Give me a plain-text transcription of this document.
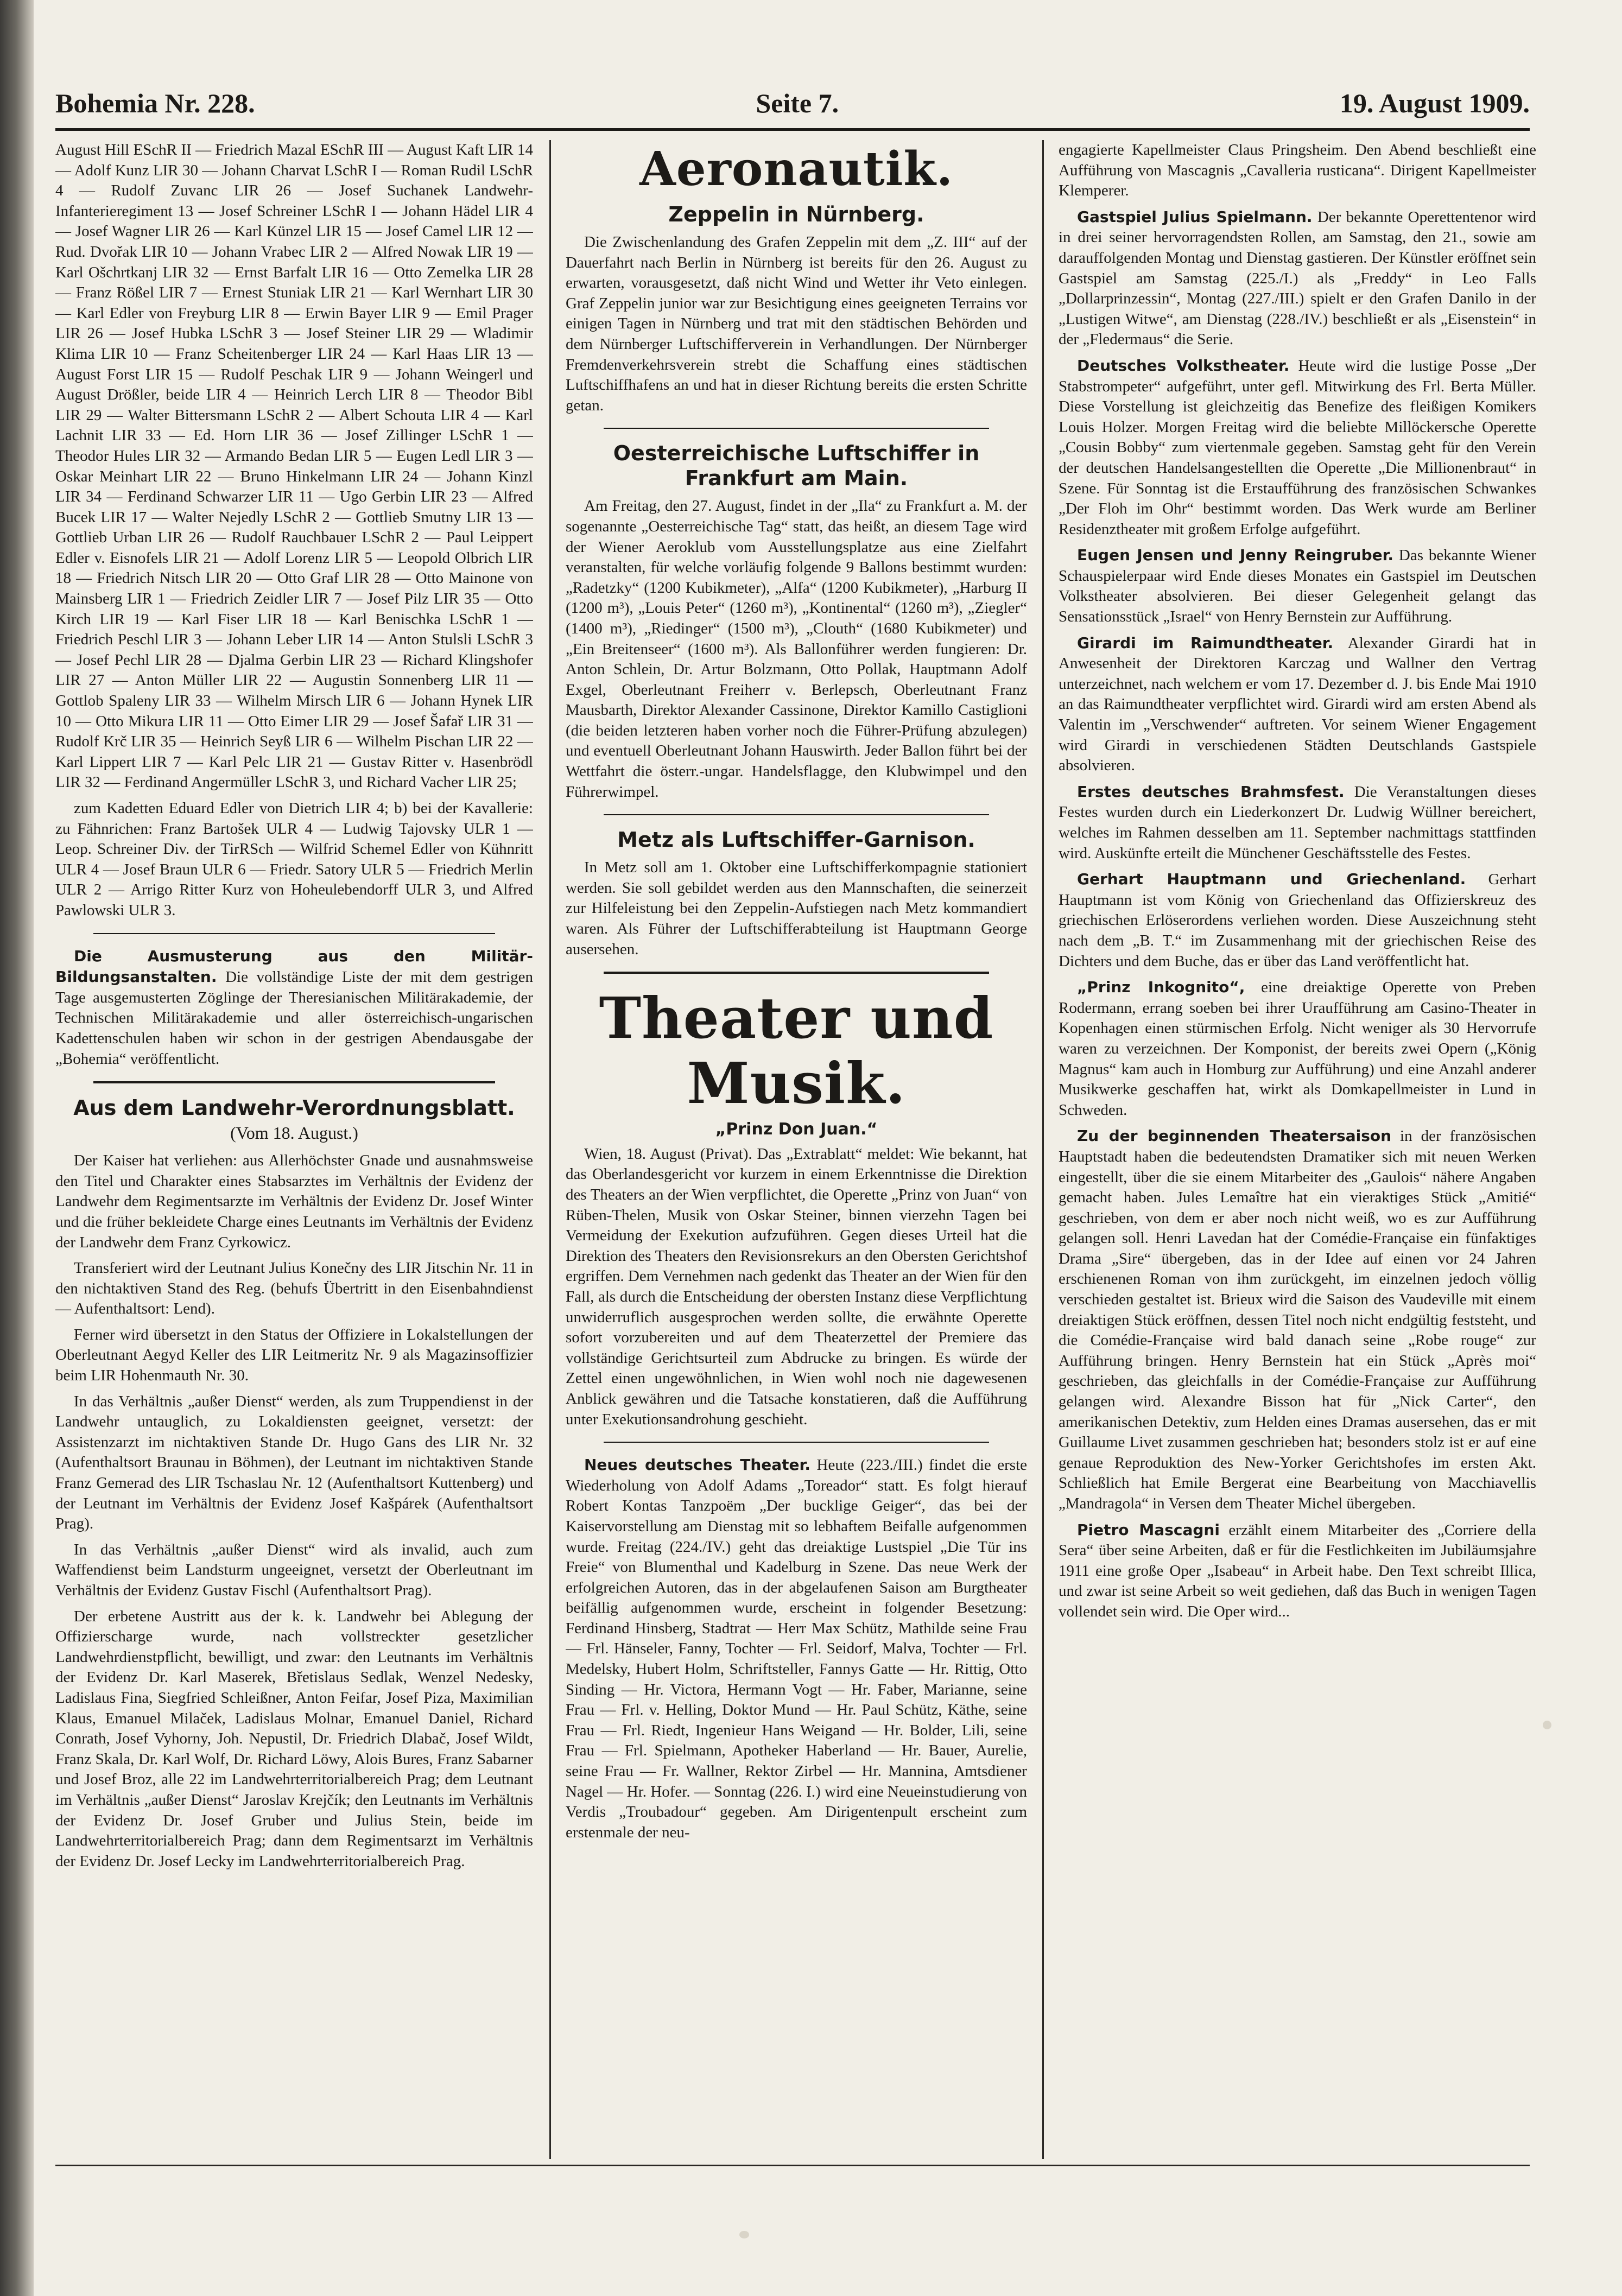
Bohemia Nr. 228.	Seite 7.	19. August 1909.

August Hill ESchR II — Friedrich Mazal ESchR III — August Kaft LIR 14 — Adolf Kunz LIR 30 — Johann Charvat LSchR I — Roman Rudil LSchR 4 — Rudolf Zuvanc LIR 26 — Josef Suchanek Landwehr-Infanterieregiment 13 — Josef Schreiner LSchR I — Johann Hädel LIR 4 — Josef Wagner LIR 26 — Karl Künzel LIR 15 — Josef Camel LIR 12 — Rud. Dvořak LIR 10 — Johann Vrabec LIR 2 — Alfred Nowak LIR 19 — Karl Ošchrtkanj LIR 32 — Ernst Barfalt LIR 16 — Otto Zemelka LIR 28 — Franz Rößel LIR 7 — Ernest Stuniak LIR 21 — Karl Wernhart LIR 30 — Karl Edler von Freyburg LIR 8 — Erwin Bayer LIR 9 — Emil Prager LIR 26 — Josef Hubka LSchR 3 — Josef Steiner LIR 29 — Wladimir Klima LIR 10 — Franz Scheitenberger LIR 24 — Karl Haas LIR 13 — August Forst LIR 15 — Rudolf Peschak LIR 9 — Johann Weingerl und August Drößler, beide LIR 4 — Heinrich Lerch LIR 8 — Theodor Bibl LIR 29 — Walter Bittersmann LSchR 2 — Albert Schouta LIR 4 — Karl Lachnit LIR 33 — Ed. Horn LIR 36 — Josef Zillinger LSchR 1 — Theodor Hules LIR 32 — Armando Bedan LIR 5 — Eugen Ledl LIR 3 — Oskar Meinhart LIR 22 — Bruno Hinkelmann LIR 24 — Johann Kinzl LIR 34 — Ferdinand Schwarzer LIR 11 — Ugo Gerbin LIR 23 — Alfred Bucek LIR 17 — Walter Nejedly LSchR 2 — Gottlieb Smutny LIR 13 — Gottlieb Urban LIR 26 — Rudolf Rauchbauer LSchR 2 — Paul Leippert Edler v. Eisnofels LIR 21 — Adolf Lorenz LIR 5 — Leopold Olbrich LIR 18 — Friedrich Nitsch LIR 20 — Otto Graf LIR 28 — Otto Mainone von Mainsberg LIR 1 — Friedrich Zeidler LIR 7 — Josef Pilz LIR 35 — Otto Kirch LIR 19 — Karl Fiser LIR 18 — Karl Benischka LSchR 1 — Friedrich Peschl LIR 3 — Johann Leber LIR 14 — Anton Stulsli LSchR 3 — Josef Pechl LIR 28 — Djalma Gerbin LIR 23 — Richard Klingshofer LIR 27 — Anton Müller LIR 22 — Augustin Sonnenberg LIR 11 — Gottlob Spaleny LIR 33 — Wilhelm Mirsch LIR 6 — Johann Hynek LIR 10 — Otto Mikura LIR 11 — Otto Eimer LIR 29 — Josef Šafař LIR 31 — Rudolf Krč LIR 35 — Heinrich Seyß LIR 6 — Wilhelm Pischan LIR 22 — Karl Lippert LIR 7 — Karl Pelc LIR 21 — Gustav Ritter v. Hasenbrödl LIR 32 — Ferdinand Angermüller LSchR 3, und Richard Vacher LIR 25;

zum Kadetten Eduard Edler von Dietrich LIR 4; b) bei der Kavallerie: zu Fähnrichen: Franz Bartošek ULR 4 — Ludwig Tajovsky ULR 1 — Leop. Schreiner Div. der TirRSch — Wilfrid Schemel Edler von Kühnritt ULR 4 — Josef Braun ULR 6 — Friedr. Satory ULR 5 — Friedrich Merlin ULR 2 — Arrigo Ritter Kurz von Hoheulebendorff ULR 3, und Alfred Pawlowski ULR 3.

Die Ausmusterung aus den Militär-Bildungsanstalten. Die vollständige Liste der mit dem gestrigen Tage ausgemusterten Zöglinge der Theresianischen Militärakademie, der Technischen Militärakademie und aller österreichisch-ungarischen Kadettenschulen haben wir schon in der gestrigen Abendausgabe der „Bohemia“ veröffentlicht.

Aus dem Landwehr-Verordnungsblatt.
(Vom 18. August.)

Der Kaiser hat verliehen: aus Allerhöchster Gnade und ausnahmsweise den Titel und Charakter eines Stabsarztes im Verhältnis der Evidenz der Landwehr dem Regimentsarzte im Verhältnis der Evidenz Dr. Josef Winter und die früher bekleidete Charge eines Leutnants im Verhältnis der Evidenz der Landwehr dem Franz Cyrkowicz.

Transferiert wird der Leutnant Julius Konečny des LIR Jitschin Nr. 11 in den nichtaktiven Stand des Reg. (behufs Übertritt in den Eisenbahndienst — Aufenthaltsort: Lend).

Ferner wird übersetzt in den Status der Offiziere in Lokalstellungen der Oberleutnant Aegyd Keller des LIR Leitmeritz Nr. 9 als Magazinsoffizier beim LIR Hohenmauth Nr. 30.

In das Verhältnis „außer Dienst“ werden, als zum Truppendienst in der Landwehr untauglich, zu Lokaldiensten geeignet, versetzt: der Assistenzarzt im nichtaktiven Stande Dr. Hugo Gans des LIR Nr. 32 (Aufenthaltsort Braunau in Böhmen), der Leutnant im nichtaktiven Stande Franz Gemerad des LIR Tschaslau Nr. 12 (Aufenthaltsort Kuttenberg) und der Leutnant im Verhältnis der Evidenz Josef Kašpárek (Aufenthaltsort Prag).

In das Verhältnis „außer Dienst“ wird als invalid, auch zum Waffendienst beim Landsturm ungeeignet, versetzt der Oberleutnant im Verhältnis der Evidenz Gustav Fischl (Aufenthaltsort Prag).

Der erbetene Austritt aus der k. k. Landwehr bei Ablegung der Offizierscharge wurde, nach vollstreckter gesetzlicher Landwehrdienstpflicht, bewilligt, und zwar: den Leutnants im Verhältnis der Evidenz Dr. Karl Maserek, Břetislaus Sedlak, Wenzel Nedesky, Ladislaus Fina, Siegfried Schleißner, Anton Feifar, Josef Piza, Maximilian Klaus, Emanuel Milaček, Ladislaus Molnar, Emanuel Daniel, Richard Conrath, Josef Vyhorny, Joh. Nepustil, Dr. Friedrich Dlabač, Josef Wildt, Franz Skala, Dr. Karl Wolf, Dr. Richard Löwy, Alois Bures, Franz Sabarner und Josef Broz, alle 22 im Landwehrterritorialbereich Prag; dem Leutnant im Verhältnis „außer Dienst“ Jaroslav Krejčík; den Leutnants im Verhältnis der Evidenz Dr. Josef Gruber und Julius Stein, beide im Landwehrterritorialbereich Prag; dann dem Regimentsarzt im Verhältnis der Evidenz Dr. Josef Lecky im Landwehrterritorialbereich Prag.

Aeronautik.
Zeppelin in Nürnberg.

Die Zwischenlandung des Grafen Zeppelin mit dem „Z. III“ auf der Dauerfahrt nach Berlin in Nürnberg ist bereits für den 26. August zu erwarten, vorausgesetzt, daß nicht Wind und Wetter ihr Veto einlegen. Graf Zeppelin junior war zur Besichtigung eines geeigneten Terrains vor einigen Tagen in Nürnberg und trat mit den städtischen Behörden und dem Nürnberger Luftschifferverein in Verhandlungen. Der Nürnberger Fremdenverkehrsverein strebt die Schaffung eines städtischen Luftschiffhafens an und hat in dieser Richtung bereits die ersten Schritte getan.

Oesterreichische Luftschiffer in Frankfurt am Main.

Am Freitag, den 27. August, findet in der „Ila“ zu Frankfurt a. M. der sogenannte „Oesterreichische Tag“ statt, das heißt, an diesem Tage wird der Wiener Aeroklub vom Ausstellungsplatze aus eine Zielfahrt veranstalten, für welche vorläufig folgende 9 Ballons bestimmt wurden: „Radetzky“ (1200 Kubikmeter), „Alfa“ (1200 Kubikmeter), „Harburg II (1200 m³), „Louis Peter“ (1260 m³), „Kontinental“ (1260 m³), „Ziegler“ (1400 m³), „Riedinger“ (1500 m³), „Clouth“ (1680 Kubikmeter) und „Ein Breitenseer“ (1600 m³). Als Ballonführer werden fungieren: Dr. Anton Schlein, Dr. Artur Bolzmann, Otto Pollak, Hauptmann Adolf Exgel, Oberleutnant Freiherr v. Berlepsch, Oberleutnant Franz Mausbarth, Direktor Alexander Cassinone, Direktor Kamillo Castiglioni (die beiden letzteren haben vorher noch die Führer-Prüfung abzulegen) und eventuell Oberleutnant Johann Hauswirth. Jeder Ballon führt bei der Wettfahrt die österr.-ungar. Handelsflagge, den Klubwimpel und den Führerwimpel.

Metz als Luftschiffer-Garnison.

In Metz soll am 1. Oktober eine Luftschifferkompagnie stationiert werden. Sie soll gebildet werden aus den Mannschaften, die seinerzeit zur Hilfeleistung bei den Zeppelin-Aufstiegen nach Metz kommandiert waren. Als Führer der Luftschifferabteilung ist Hauptmann George ausersehen.

Theater und Musik.
„Prinz Don Juan.“

Wien, 18. August (Privat). Das „Extrablatt“ meldet: Wie bekannt, hat das Oberlandesgericht vor kurzem in einem Erkenntnisse die Direktion des Theaters an der Wien verpflichtet, die Operette „Prinz von Juan“ von Rüben-Thelen, Musik von Oskar Steiner, binnen vierzehn Tagen bei Vermeidung der Exekution aufzuführen. Gegen dieses Urteil hat die Direktion des Theaters den Revisionsrekurs an den Obersten Gerichtshof ergriffen. Dem Vernehmen nach gedenkt das Theater an der Wien für den Fall, als durch die Entscheidung der obersten Instanz diese Verpflichtung unwiderruflich ausgesprochen werden sollte, die erwähnte Operette sofort vorzubereiten und auf dem Theaterzettel der Premiere das vollständige Gerichtsurteil zum Abdrucke zu bringen. Es würde der Zettel einen ungewöhnlichen, in Wien wohl noch nie dagewesenen Anblick gewähren und die Tatsache konstatieren, daß die Aufführung unter Exekutionsandrohung geschieht.

Neues deutsches Theater. Heute (223./III.) findet die erste Wiederholung von Adolf Adams „Toreador“ statt. Es folgt hierauf Robert Kontas Tanzpoëm „Der bucklige Geiger“, das bei der Kaiservorstellung am Dienstag mit so lebhaftem Beifalle aufgenommen wurde. Freitag (224./IV.) geht das dreiaktige Lustspiel „Die Tür ins Freie“ von Blumenthal und Kadelburg in Szene. Das neue Werk der erfolgreichen Autoren, das in der abgelaufenen Saison am Burgtheater beifällig aufgenommen wurde, erscheint in folgender Besetzung: Ferdinand Hinsberg, Stadtrat — Herr Max Schütz, Mathilde seine Frau — Frl. Hänseler, Fanny, Tochter — Frl. Seidorf, Malva, Tochter — Frl. Medelsky, Hubert Holm, Schriftsteller, Fannys Gatte — Hr. Rittig, Otto Sinding — Hr. Victora, Hermann Vogt — Hr. Faber, Marianne, seine Frau — Frl. v. Helling, Doktor Mund — Hr. Paul Schütz, Käthe, seine Frau — Frl. Riedt, Ingenieur Hans Weigand — Hr. Bolder, Lili, seine Frau — Frl. Spielmann, Apotheker Haberland — Hr. Bauer, Aurelie, seine Frau — Fr. Wallner, Rektor Zirbel — Hr. Mannina, Amtsdiener Nagel — Hr. Hofer. — Sonntag (226. I.) wird eine Neueinstudierung von Verdis „Troubadour“ gegeben. Am Dirigentenpult erscheint zum erstenmale der neu-

engagierte Kapellmeister Claus Pringsheim. Den Abend beschließt eine Aufführung von Mascagnis „Cavalleria rusticana“. Dirigent Kapellmeister Klemperer.

Gastspiel Julius Spielmann. Der bekannte Operettentenor wird in drei seiner hervorragendsten Rollen, am Samstag, den 21., sowie am darauffolgenden Montag und Dienstag gastieren. Der Künstler eröffnet sein Gastspiel am Samstag (225./I.) als „Freddy“ in Leo Falls „Dollarprinzessin“, Montag (227./III.) spielt er den Grafen Danilo in der „Lustigen Witwe“, am Dienstag (228./IV.) beschließt er als „Eisenstein“ in der „Fledermaus“ die Serie.

Deutsches Volkstheater. Heute wird die lustige Posse „Der Stabstrompeter“ aufgeführt, unter gefl. Mitwirkung des Frl. Berta Müller. Diese Vorstellung ist gleichzeitig das Benefize des fleißigen Komikers Louis Holzer. Morgen Freitag wird die beliebte Millöckersche Operette „Cousin Bobby“ zum viertenmale gegeben. Samstag geht für den Verein der deutschen Handelsangestellten die Operette „Die Millionenbraut“ in Szene. Für Sonntag ist die Erstaufführung des französischen Schwankes „Der Floh im Ohr“ bestimmt worden. Das Werk wurde am Berliner Residenztheater mit großem Erfolge aufgeführt.

Eugen Jensen und Jenny Reingruber. Das bekannte Wiener Schauspielerpaar wird Ende dieses Monates ein Gastspiel im Deutschen Volkstheater absolvieren. Bei dieser Gelegenheit gelangt das Sensationsstück „Israel“ von Henry Bernstein zur Aufführung.

Girardi im Raimundtheater. Alexander Girardi hat in Anwesenheit der Direktoren Karczag und Wallner den Vertrag unterzeichnet, nach welchem er vom 17. Dezember d. J. bis Ende Mai 1910 an das Raimundtheater verpflichtet wird. Girardi wird am ersten Abend als Valentin im „Verschwender“ auftreten. Vor seinem Wiener Engagement wird Girardi in verschiedenen Städten Deutschlands Gastspiele absolvieren.

Erstes deutsches Brahmsfest. Die Veranstaltungen dieses Festes wurden durch ein Liederkonzert Dr. Ludwig Wüllner bereichert, welches im Rahmen desselben am 11. September nachmittags stattfinden wird. Auskünfte erteilt die Münchener Geschäftsstelle des Festes.

Gerhart Hauptmann und Griechenland. Gerhart Hauptmann ist vom König von Griechenland das Offizierskreuz des griechischen Erlöserordens verliehen worden. Diese Auszeichnung steht nach dem „B. T.“ im Zusammenhang mit der griechischen Reise des Dichters und dem Buche, das er über das Land veröffentlicht hat.

„Prinz Inkognito“, eine dreiaktige Operette von Preben Rodermann, errang soeben bei ihrer Uraufführung am Casino-Theater in Kopenhagen einen stürmischen Erfolg. Nicht weniger als 30 Hervorrufe waren zu verzeichnen. Der Komponist, der bereits zwei Opern („König Magnus“ kam auch in Homburg zur Aufführung) und eine Anzahl anderer Musikwerke geschaffen hat, wirkt als Domkapellmeister in Lund in Schweden.

Zu der beginnenden Theatersaison in der französischen Hauptstadt haben die bedeutendsten Dramatiker sich mit neuen Werken eingestellt, über die sie einem Mitarbeiter des „Gaulois“ nähere Angaben gemacht haben. Jules Lemaître hat ein vieraktiges Stück „Amitié“ geschrieben, von dem er aber noch nicht weiß, wo es zur Aufführung gelangen soll. Henri Lavedan hat der Comédie-Française ein fünfaktiges Drama „Sire“ übergeben, das in der Idee auf einen vor 24 Jahren erschienenen Roman von ihm zurückgeht, im einzelnen jedoch völlig verschieden gestaltet ist. Brieux wird die Saison des Vaudeville mit einem dreiaktigen Stück eröffnen, dessen Titel noch nicht endgültig feststeht, und die Comédie-Française wird bald danach seine „Robe rouge“ zur Aufführung bringen. Henry Bernstein hat ein Stück „Après moi“ geschrieben, das gleichfalls in der Comédie-Française zur Aufführung gelangen wird. Alexandre Bisson hat für „Nick Carter“, den amerikanischen Detektiv, zum Helden eines Dramas ausersehen, das er mit Guillaume Livet zusammen geschrieben hat; besonders stolz ist er auf eine genaue Reproduktion des New-Yorker Gerichtshofes im ersten Akt. Schließlich hat Emile Bergerat eine Bearbeitung von Macchiavellis „Mandragola“ in Versen dem Theater Michel übergeben.

Pietro Mascagni erzählt einem Mitarbeiter des „Corriere della Sera“ über seine Arbeiten, daß er für die Festlichkeiten im Jubiläumsjahre 1911 eine große Oper „Isabeau“ in Arbeit habe. Den Text schreibt Illica, und zwar ist seine Arbeit so weit gediehen, daß das Buch in wenigen Tagen vollendet sein wird. Die Oper wird...
